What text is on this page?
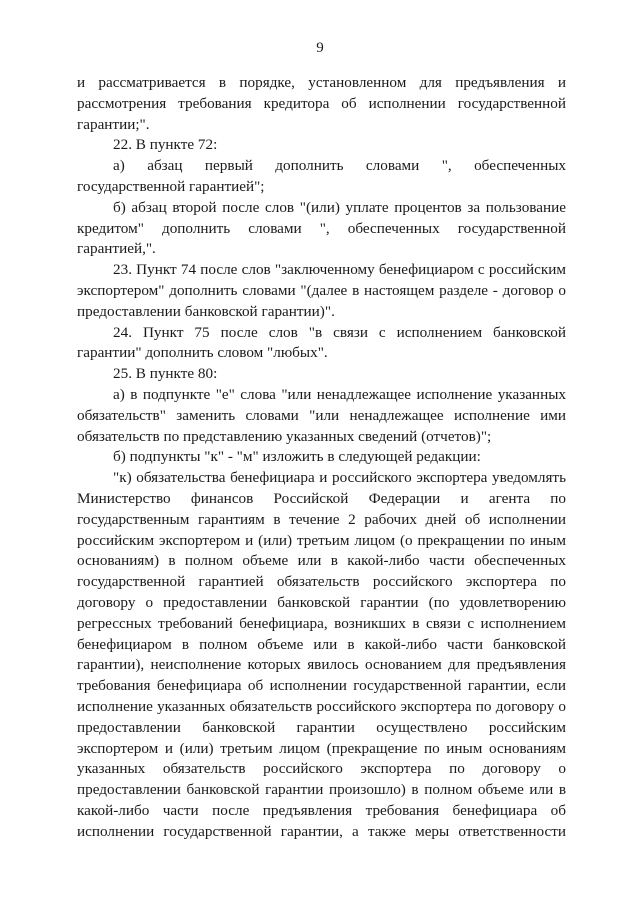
9

и рассматривается в порядке, установленном для предъявления и рассмотрения требования кредитора об исполнении государственной гарантии;".

22. В пункте 72:

а) абзац первый дополнить словами ", обеспеченных государственной гарантией";

б) абзац второй после слов "(или) уплате процентов за пользование кредитом" дополнить словами ", обеспеченных государственной гарантией,".

23. Пункт 74 после слов "заключенному бенефициаром с российским экспортером" дополнить словами "(далее в настоящем разделе - договор о предоставлении банковской гарантии)".

24. Пункт 75 после слов "в связи с исполнением банковской гарантии" дополнить словом "любых".

25. В пункте 80:

а) в подпункте "е" слова "или ненадлежащее исполнение указанных обязательств" заменить словами "или ненадлежащее исполнение ими обязательств по представлению указанных сведений (отчетов)";

б) подпункты "к" - "м" изложить в следующей редакции:

"к) обязательства бенефициара и российского экспортера уведомлять Министерство финансов Российской Федерации и агента по государственным гарантиям в течение 2 рабочих дней об исполнении российским экспортером и (или) третьим лицом (о прекращении по иным основаниям) в полном объеме или в какой-либо части обеспеченных государственной гарантией обязательств российского экспортера по договору о предоставлении банковской гарантии (по удовлетворению регрессных требований бенефициара, возникших в связи с исполнением бенефициаром в полном объеме или в какой-либо части банковской гарантии), неисполнение которых явилось основанием для предъявления требования бенефициара об исполнении государственной гарантии, если исполнение указанных обязательств российского экспортера по договору о предоставлении банковской гарантии осуществлено российским экспортером и (или) третьим лицом (прекращение по иным основаниям указанных обязательств российского экспортера по договору о предоставлении банковской гарантии произошло) в полном объеме или в какой-либо части после предъявления требования бенефициара об исполнении государственной гарантии, а также меры ответственности
